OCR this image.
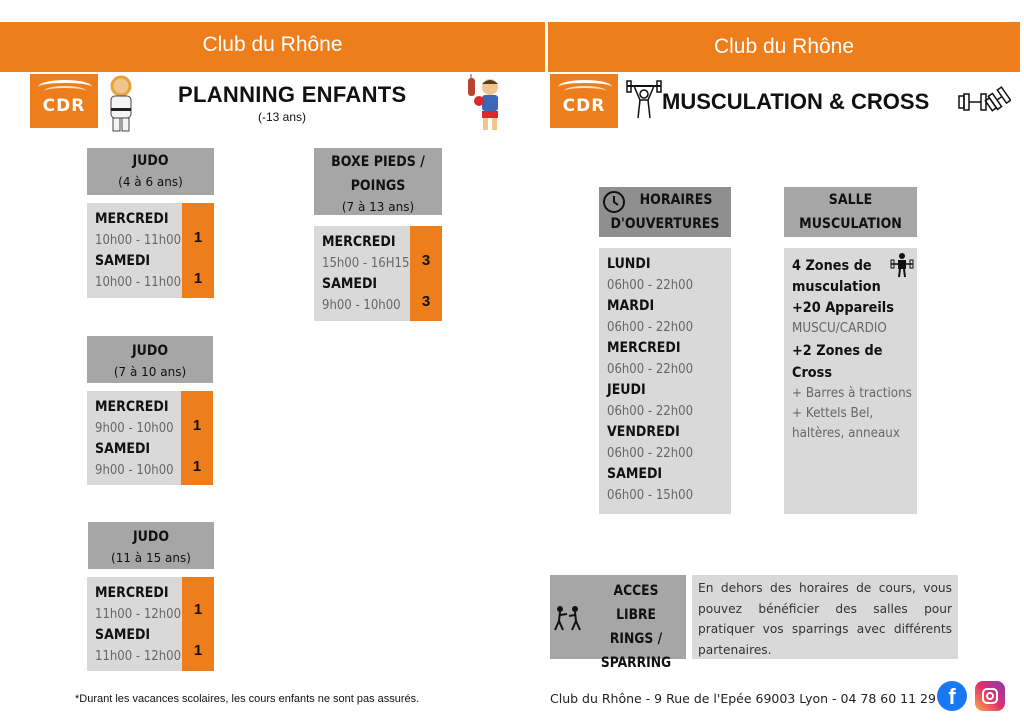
Club du Rhône
CDR	PLANNING ENFANTS
(-13 ans)
JUDO
(4 à 6 ans)
MERCREDI
10h00 - 11h00
SAMEDI
10h00 - 11h00
1
1
BOXE PIEDS /
POINGS
(7 à 13 ans)
MERCREDI
15h00 - 16H15
SAMEDI
9h00 - 10h00
3
3
JUDO
(7 à 10 ans)
MERCREDI
9h00 - 10h00
SAMEDI
9h00 - 10h00
1
1
JUDO
(11 à 15 ans)
MERCREDI
11h00 - 12h00
SAMEDI
11h00 - 12h00
1
1
*Durant les vacances scolaires, les cours enfants ne sont pas assurés.
Club du Rhône
CDR	MUSCULATION & CROSS
HORAIRES
D'OUVERTURES
LUNDI
06h00 - 22h00
MARDI
06h00 - 22h00
MERCREDI
06h00 - 22h00
JEUDI
06h00 - 22h00
VENDREDI
06h00 - 22h00
SAMEDI
06h00 - 15h00
SALLE
MUSCULATION
4 Zones de
musculation
+20 Appareils
MUSCU/CARDIO
+2 Zones de
Cross
+ Barres à tractions
+ Kettels Bel,
haltères, anneaux
ACCES LIBRE
RINGS /
SPARRING
En dehors des horaires de cours, vous pouvez bénéficier des salles pour pratiquer vos sparrings avec différents partenaires.
Club du Rhône - 9 Rue de l'Epée 69003 Lyon - 04 78 60 11 29 f
